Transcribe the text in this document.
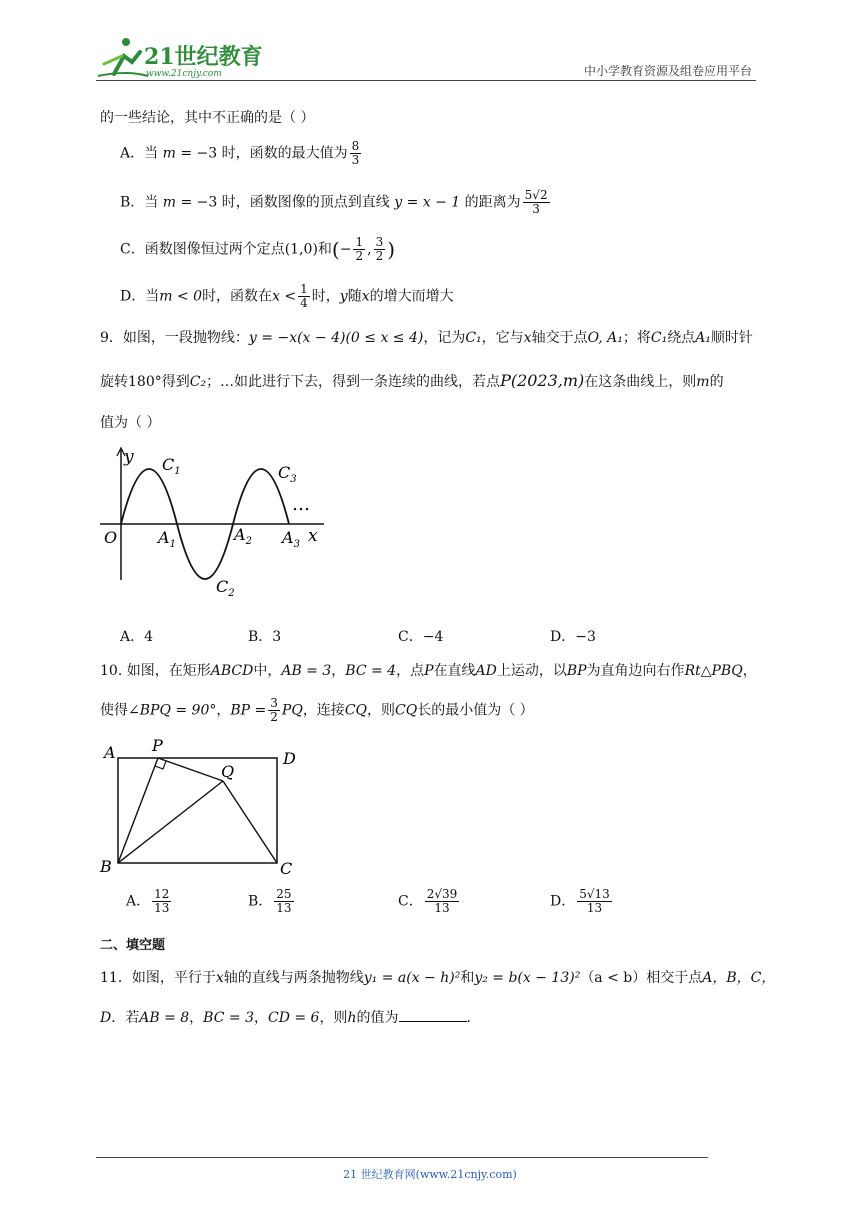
21世纪教育
www.21cnjy.com	中小学教育资源及组卷应用平台
的一些结论，其中不正确的是（ ）
A．当 m = −3 时，函数的最大值为 $\frac{8}{3}$
B．当 m = −3 时，函数图像的顶点到直线 y = x − 1 的距离为 $\frac{5√2}{3}$
C．函数图像恒过两个定点(1,0)和(− $\frac{1}{2}$ , $\frac{3}{2}$ )
D．当m < 0时，函数在$x < \frac{1}{4}$ 时，y随x的增大而增大
9．如图，一段抛物线：y = −x(x − 4)(0 ≤ x ≤ 4)，记为C₁，它与x轴交于点O, A₁；将C₁绕点A₁顺时针
旋转180°得到C₂；…如此进行下去，得到一条连续的曲线，若点P(2023,m)在这条曲线上，则m的
值为（ ）
y
x
O	$A_1$
$A_2$ $A_3$
$C_1$
$C_2$
$C_3$
…
A．4	B．3	C．−4	D．−3
10. 如图，在矩形ABCD中，AB = 3，BC = 4，点P在直线AD上运动，以BP为直角边向右作Rt△PBQ，
使得∠BPQ = 90°，BP = $\frac{3}{2}$ PQ，连接CQ，则CQ长的最小值为（ ）
A P
D
Q
B	C
A． $\frac{12}{13}$	B． $\frac{25}{13}$	C． $\frac{2√39}{13}$	D． $\frac{5√13}{13}$
二、填空题
11．如图，平行于x轴的直线与两条抛物线y₁ = a(x − h)²和y₂ = b(x − 13)²（a < b）相交于点A，B，C，
D．若AB = 8，BC = 3，CD = 6，则h的值为	.
21 世纪教育网(www.21cnjy.com)
